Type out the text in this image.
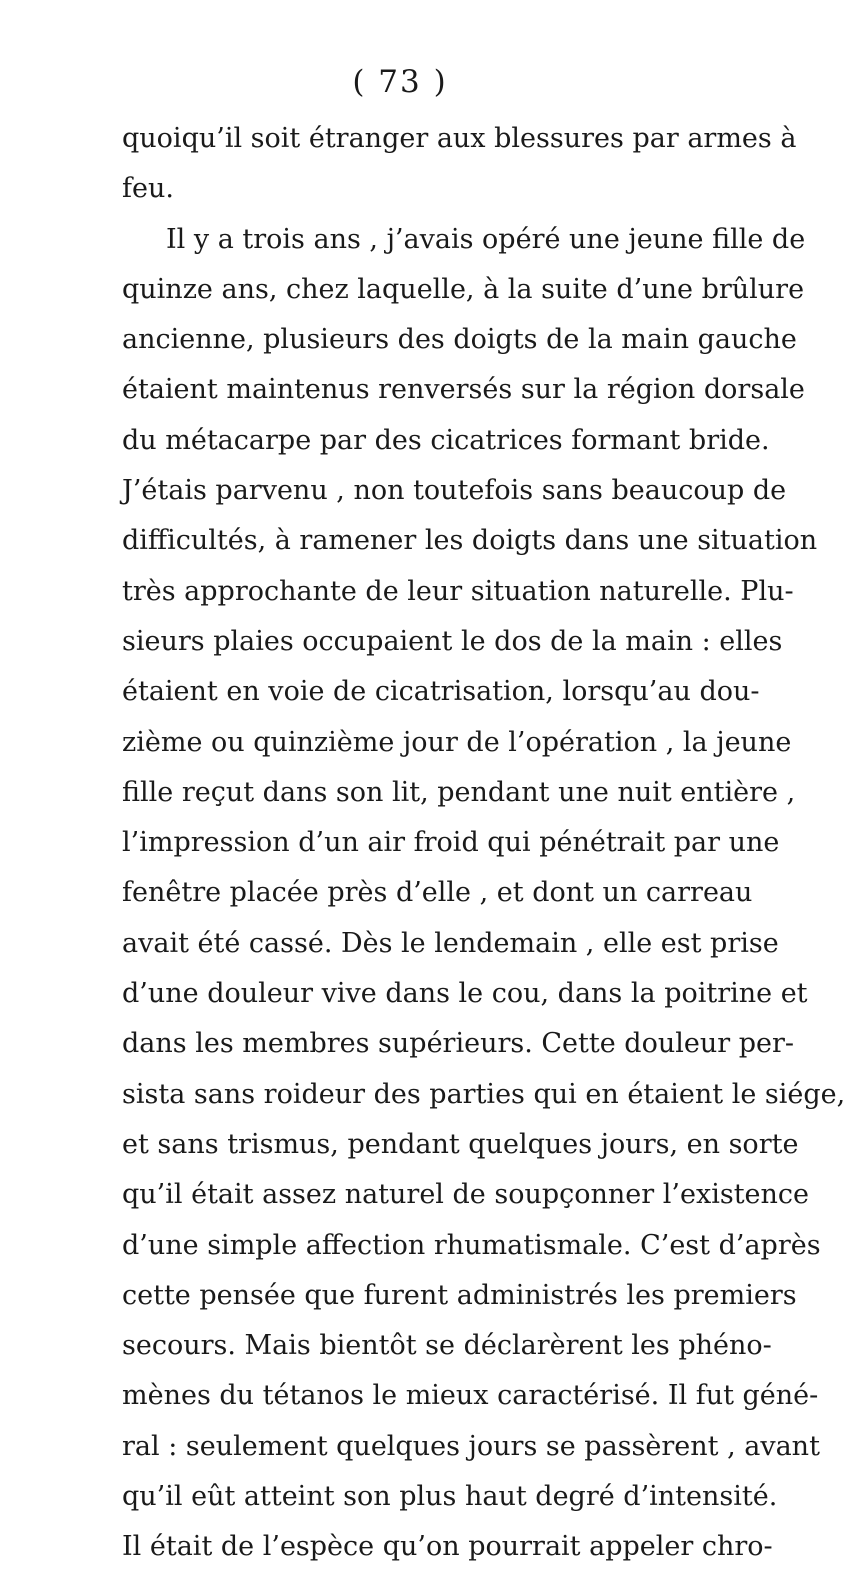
( 73 )
quoiqu’il soit étranger aux blessures par armes à
feu.
Il y a trois ans , j’avais opéré une jeune fille de
quinze ans, chez laquelle, à la suite d’une brûlure
ancienne, plusieurs des doigts de la main gauche
étaient maintenus renversés sur la région dorsale
du métacarpe par des cicatrices formant bride.
J’étais parvenu , non toutefois sans beaucoup de
difficultés, à ramener les doigts dans une situation
très approchante de leur situation naturelle. Plu-
sieurs plaies occupaient le dos de la main : elles
étaient en voie de cicatrisation, lorsqu’au dou-
zième ou quinzième jour de l’opération , la jeune
fille reçut dans son lit, pendant une nuit entière ,
l’impression d’un air froid qui pénétrait par une
fenêtre placée près d’elle , et dont un carreau
avait été cassé. Dès le lendemain , elle est prise
d’une douleur vive dans le cou, dans la poitrine et
dans les membres supérieurs. Cette douleur per-
sista sans roideur des parties qui en étaient le siége,
et sans trismus, pendant quelques jours, en sorte
qu’il était assez naturel de soupçonner l’existence
d’une simple affection rhumatismale. C’est d’après
cette pensée que furent administrés les premiers
secours. Mais bientôt se déclarèrent les phéno-
mènes du tétanos le mieux caractérisé. Il fut géné-
ral : seulement quelques jours se passèrent , avant
qu’il eût atteint son plus haut degré d’intensité.
Il était de l’espèce qu’on pourrait appeler chro-
